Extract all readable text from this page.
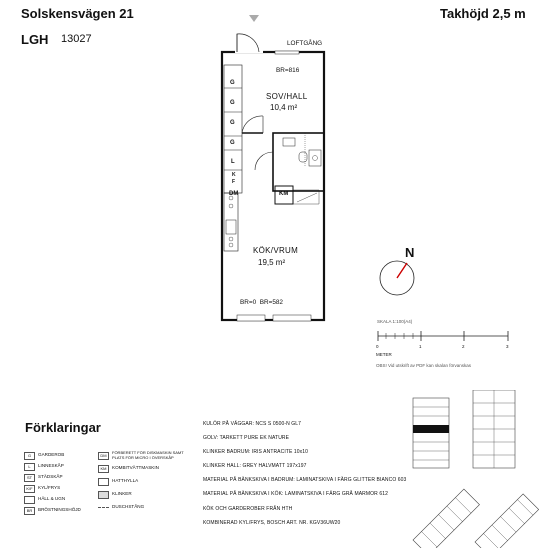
Solskensvägen 21	Takhöjd 2,5 m
LGH 13027	LOFTGÅNG
BR=816
SOV/HALL
10,4 m²
KÖK/VRUM
19,5 m²
BR=0  BR=582
KM
DM
G
G
G
G
L
K
F
N
SKALA 1:100(A4)
0	1	2	3
METER
OBS! Vid utskrift av PDF kan skalan förvanskas
Förklaringar
G	GARDEROB
L	LINNESKÅP
ST	STÄDSKÅP
K/F	KYL/FRYS
HÄLL & UGN
BR	BRÖSTNINGSHÖJD
DM
FÖRBERETT FÖR DISKMASKIN SAMT PLATS FÖR MICRO I ÖVERSKÅP
KM	KOMBITVÄTTMASKIN
HATTHYLLA
KLINKER
DUSCHSTÅNG
KULÖR PÅ VÄGGAR: NCS S 0500-N GL7
GOLV: TARKETT PURE EK NATURE
KLINKER BADRUM: IRIS ANTRACITE 10x10
KLINKER HALL: GREY HALVMATT 197x197
MATERIAL PÅ BÄNKSKIVA I BADRUM: LAMINATSKIVA I FÄRG GLITTER BIANCO 603
MATERIAL PÅ BÄNKSKIVA I KÖK: LAMINATSKIVA I FÄRG GRÅ MARMOR 612
KÖK OCH GARDEROBER FRÅN HTH
KOMBINERAD KYL/FRYS, BOSCH ART. NR. KGV36UW20
